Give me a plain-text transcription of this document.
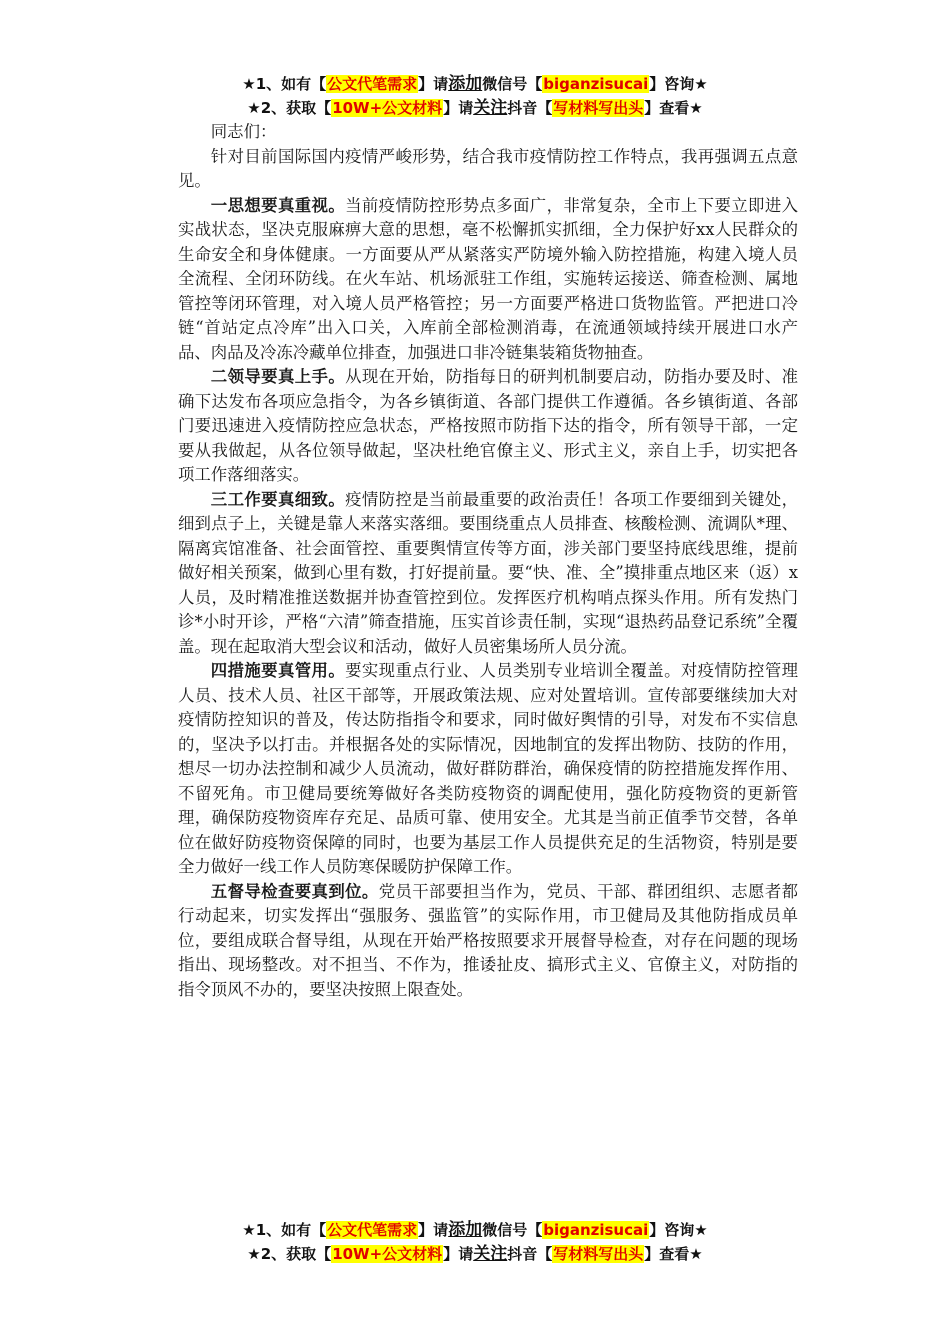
★1、如有【公文代笔需求】请添加微信号【biganzisucai】咨询★
★2、获取【10W+公文材料】请关注抖音【写材料写出头】查看★

同志们：

针对目前国际国内疫情严峻形势，结合我市疫情防控工作特点，我再强调五点意见。

一思想要真重视。当前疫情防控形势点多面广，非常复杂，全市上下要立即进入实战状态，坚决克服麻痹大意的思想，毫不松懈抓实抓细，全力保护好xx人民群众的生命安全和身体健康。一方面要从严从紧落实严防境外输入防控措施，构建入境人员全流程、全闭环防线。在火车站、机场派驻工作组，实施转运接送、筛查检测、属地管控等闭环管理，对入境人员严格管控；另一方面要严格进口货物监管。严把进口冷链“首站定点冷库”出入口关，入库前全部检测消毒，在流通领域持续开展进口水产品、肉品及冷冻冷藏单位排查，加强进口非冷链集装箱货物抽查。

二领导要真上手。从现在开始，防指每日的研判机制要启动，防指办要及时、准确下达发布各项应急指令，为各乡镇街道、各部门提供工作遵循。各乡镇街道、各部门要迅速进入疫情防控应急状态，严格按照市防指下达的指令，所有领导干部，一定要从我做起，从各位领导做起，坚决杜绝官僚主义、形式主义，亲自上手，切实把各项工作落细落实。

三工作要真细致。疫情防控是当前最重要的政治责任！各项工作要细到关键处，细到点子上，关键是靠人来落实落细。要围绕重点人员排查、核酸检测、流调队*理、隔离宾馆准备、社会面管控、重要舆情宣传等方面，涉关部门要坚持底线思维，提前做好相关预案，做到心里有数，打好提前量。要“快、准、全”摸排重点地区来（返）x人员，及时精准推送数据并协查管控到位。发挥医疗机构哨点探头作用。所有发热门诊*小时开诊，严格“六清”筛查措施，压实首诊责任制，实现“退热药品登记系统”全覆盖。现在起取消大型会议和活动，做好人员密集场所人员分流。

四措施要真管用。要实现重点行业、人员类别专业培训全覆盖。对疫情防控管理人员、技术人员、社区干部等，开展政策法规、应对处置培训。宣传部要继续加大对疫情防控知识的普及，传达防指指令和要求，同时做好舆情的引导，对发布不实信息的，坚决予以打击。并根据各处的实际情况，因地制宜的发挥出物防、技防的作用，想尽一切办法控制和减少人员流动，做好群防群治，确保疫情的防控措施发挥作用、不留死角。市卫健局要统筹做好各类防疫物资的调配使用，强化防疫物资的更新管理，确保防疫物资库存充足、品质可靠、使用安全。尤其是当前正值季节交替，各单位在做好防疫物资保障的同时，也要为基层工作人员提供充足的生活物资，特别是要全力做好一线工作人员防寒保暖防护保障工作。

五督导检查要真到位。党员干部要担当作为，党员、干部、群团组织、志愿者都行动起来，切实发挥出“强服务、强监管”的实际作用，市卫健局及其他防指成员单位，要组成联合督导组，从现在开始严格按照要求开展督导检查，对存在问题的现场指出、现场整改。对不担当、不作为，推诿扯皮、搞形式主义、官僚主义，对防指的指令顶风不办的，要坚决按照上限查处。

★1、如有【公文代笔需求】请添加微信号【biganzisucai】咨询★
★2、获取【10W+公文材料】请关注抖音【写材料写出头】查看★
